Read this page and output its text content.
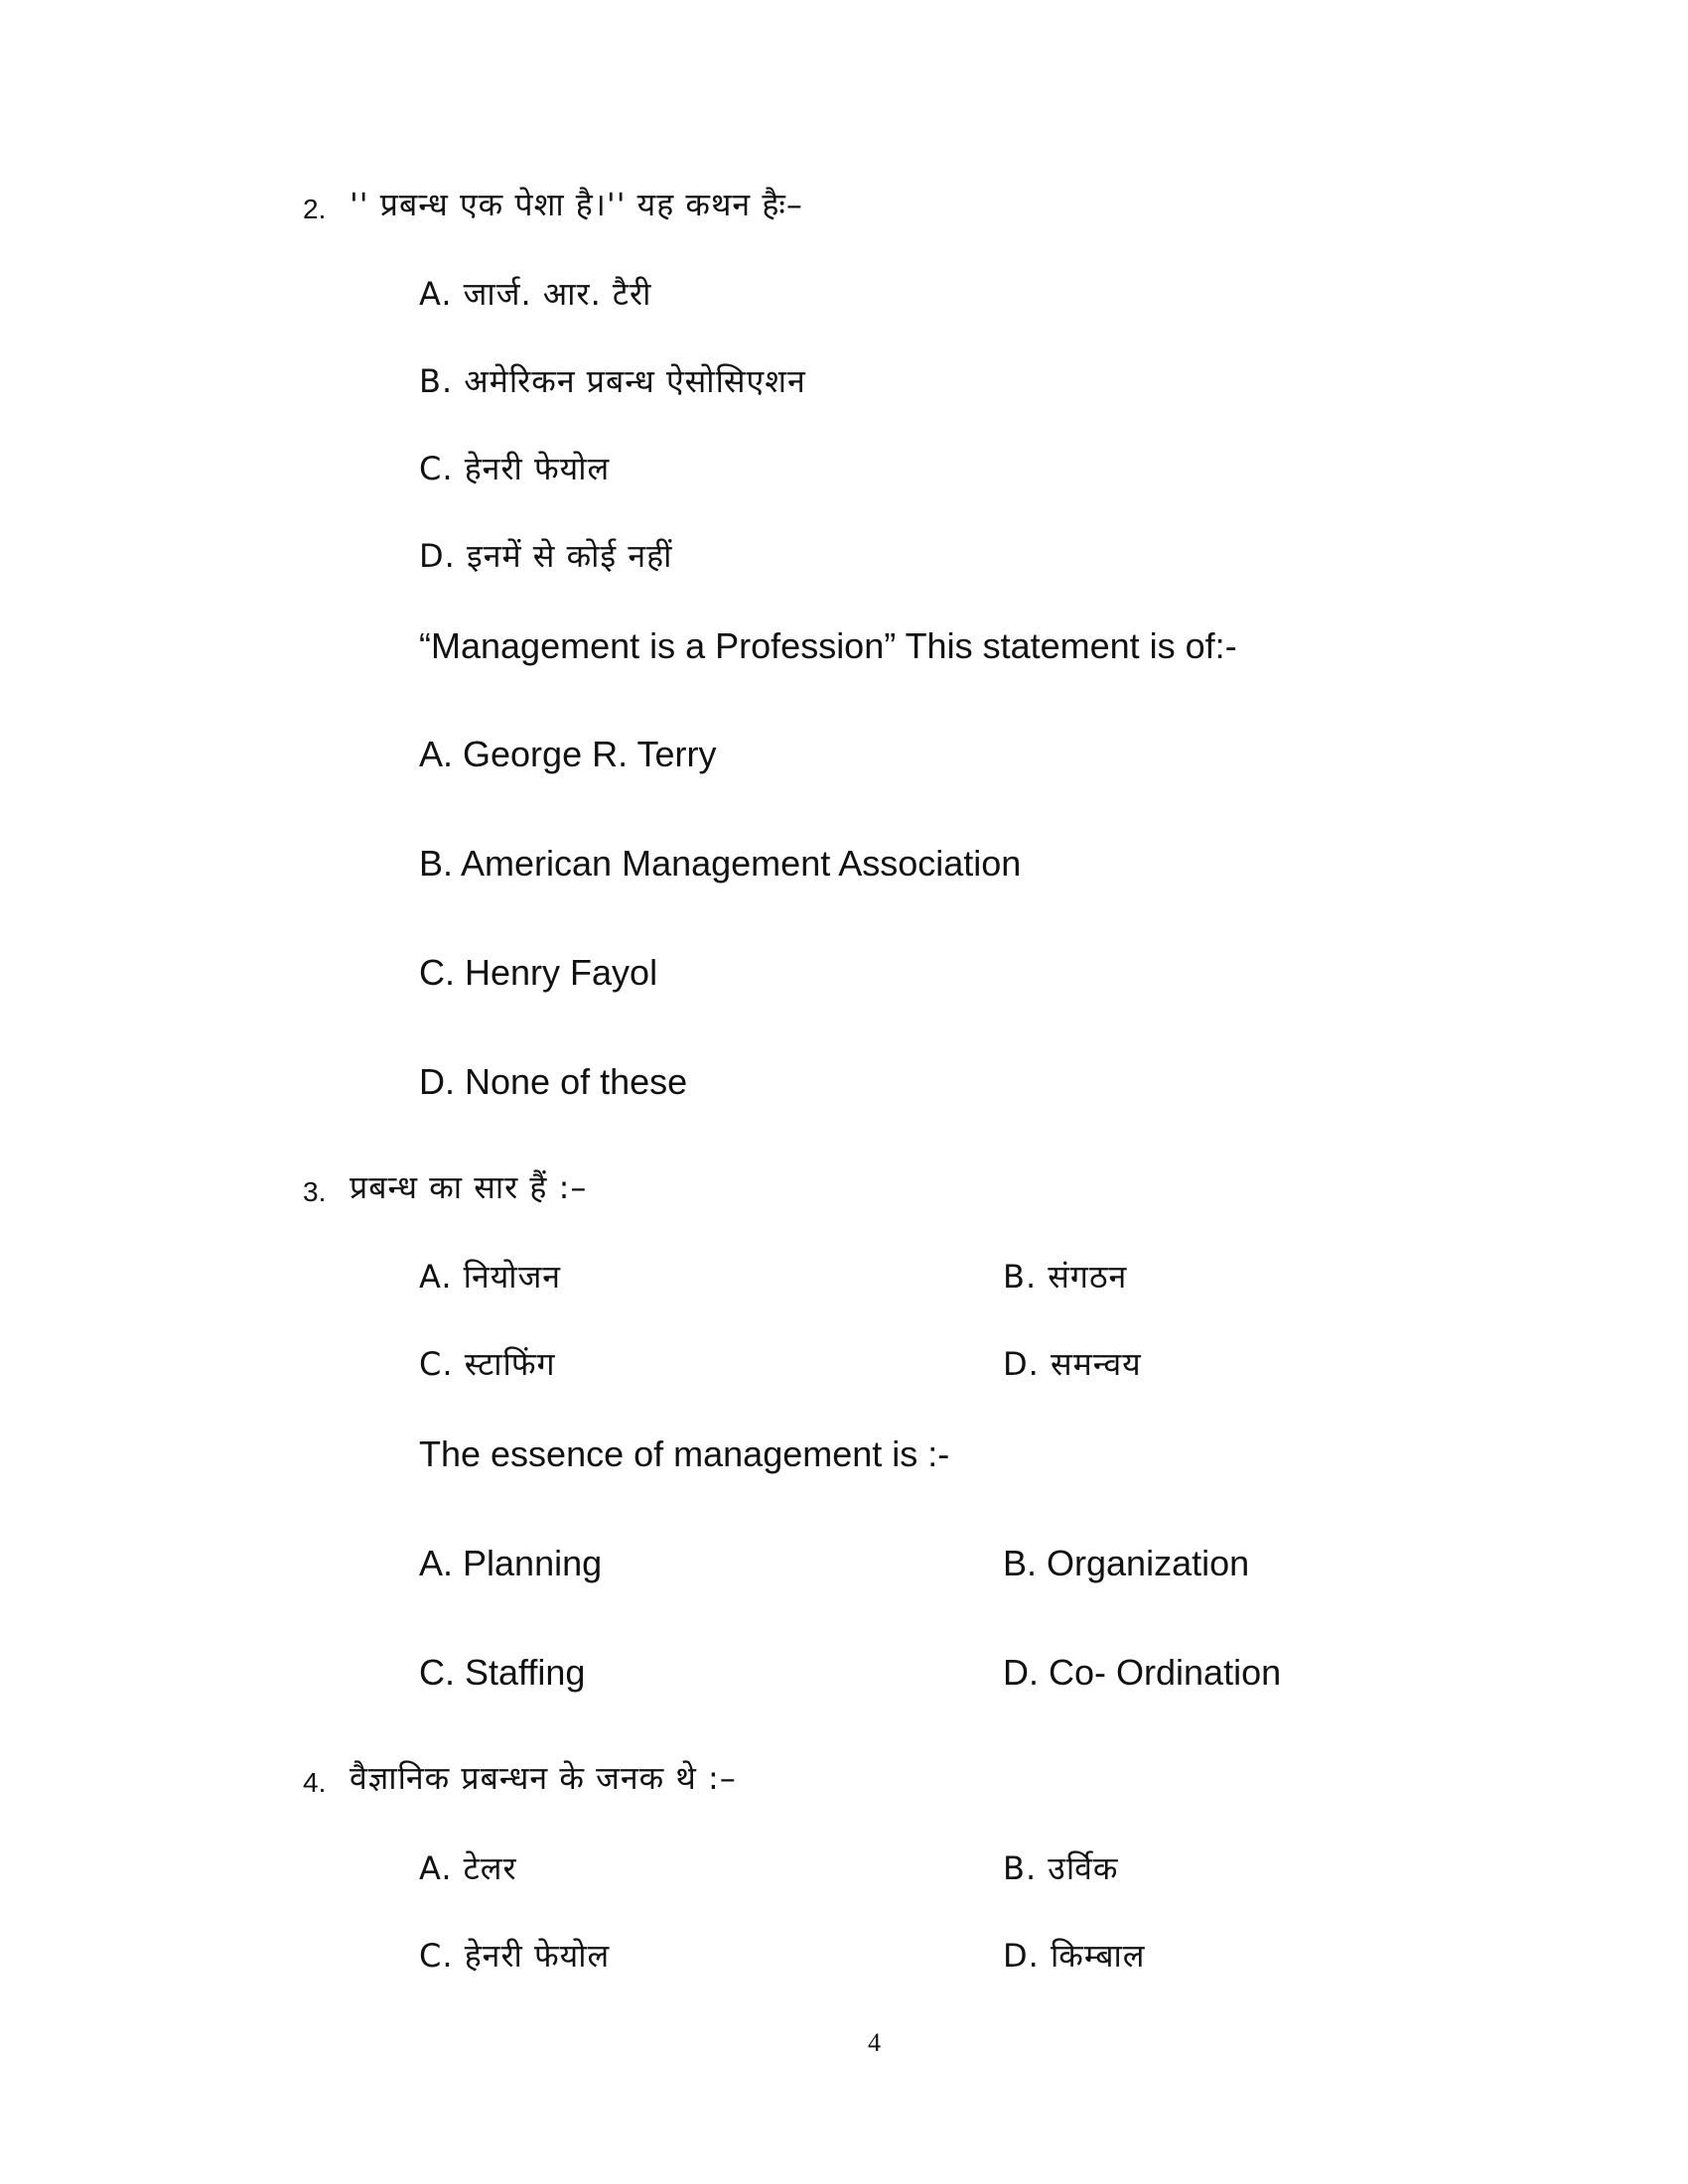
2. '' प्रबन्ध एक पेशा है।'' यह कथन हैः–
A. जार्ज. आर. टैरी
B. अमेरिकन प्रबन्ध ऐसोसिएशन
C. हेनरी फेयोल
D. इनमें से कोई नहीं
“Management is a Profession” This statement is of:-
A. George R. Terry
B. American Management Association
C. Henry Fayol
D. None of these
3. प्रबन्ध का सार हैं :–
A. नियोजन	B. संगठन
C. स्टाफिंग	D. समन्वय
The essence of management is :-
A. Planning	B. Organization
C. Staffing	D. Co- Ordination
4. वैज्ञानिक प्रबन्धन के जनक थे :–
A. टेलर	B. उर्विक
C. हेनरी फेयोल	D. किम्बाल
4
